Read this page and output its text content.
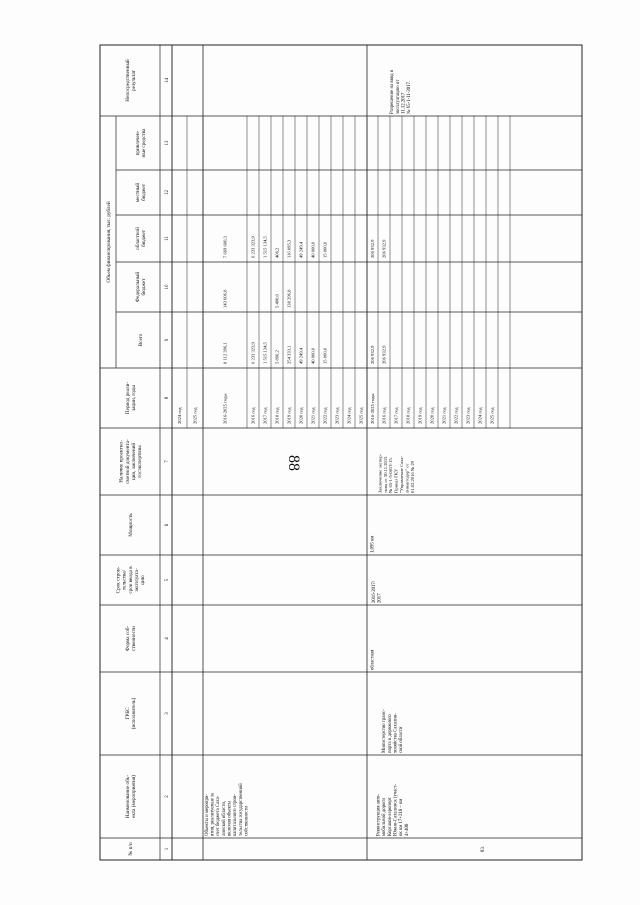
88
№ п/п
Наименование объ- екта (мероприятия)
ГРБС (исполнитель)
Форма соб- ственности
Срок строи- тельства/ срок ввода в эксплуата- цию
Мощность
Наличие проектно- сметной документа- ции, заключений госэкспертизы
Период реали- зации, годы
Всего
Федеральный бюджет
областной бюджет
местный бюджет
привлечен- ные средства
Непосредственный результат
Объем финансирования, тыс. рублей
1
2
3
4
5
6
7
8
9
10
11
12
13
14
2024 год 2025 год
Объекты и меропри- ятия, реализуемые за счет бюджета Саха- линской области, включая объекты капитального строи- тельства государственной собственности
2016-2025 годы
8 112 396,1
143 606,8
7 669 600,3
2016 год
6 233 323,9
6 233 323,9
2017 год
1 515 134,5
1 515 134,5
2018 год
5 896,2
5 490,0
406,2
2019 год
254 333,1
138 296,8
116 095,3
2020 год
49 249,4
49 249,4
2021 год
40 000,0
40 000,0
2022 год
15 000,0
15 000,0
2023 год 2024 год 2025 год
83.
Реконструкция авто- мобильной дороги Корсаков-аэропорт Южно-Сахалинск (участ- ок км 17+218 – км 4+400
Министерство транс- порта и дорожного хозяйства Сахалин- ской области
областная
2016-2017/ 2017
1,095 км
Заключение экспер- тизы от 30.11.2015 № 65-1-5-0813-15. Приказ ГКУ "Управление Саха- линавтодор" от 01.02.2016 № 29
Разрешение на ввод в эксплуатацию от 11.12.2017 № 65-1-11-2017.
2016-2025 годы
206 932,9
206 932,9
2016 год
206 932,9
206 932,9
2017 год 2018 год 2019 год 2020 год 2021 год 2022 год 2023 год 2024 год 2025 год
